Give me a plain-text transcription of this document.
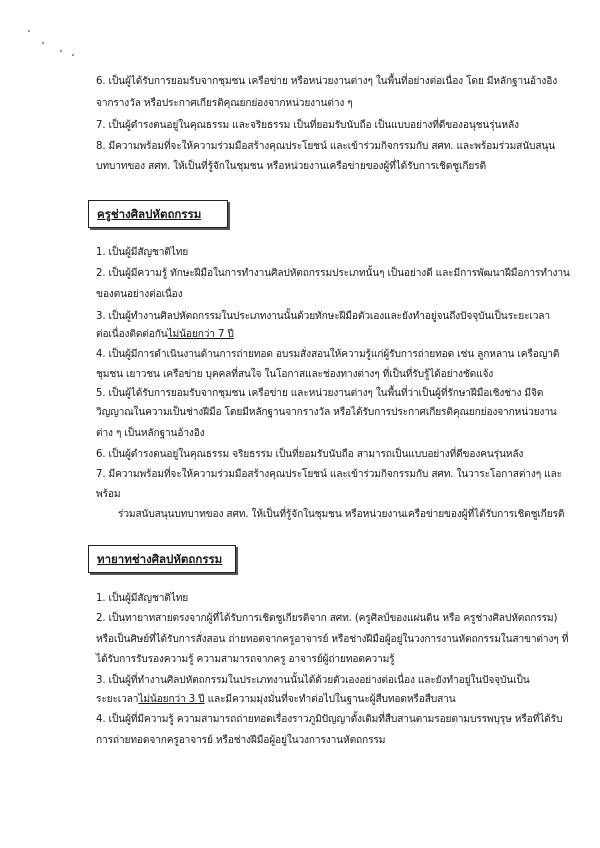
6. เป็นผู้ได้รับการยอมรับจากชุมชน เครือข่าย หรือหน่วยงานต่างๆ ในพื้นที่อย่างต่อเนื่อง โดย มีหลักฐานอ้างอิง
จากรางวัล หรือประกาศเกียรติคุณยกย่องจากหน่วยงานต่าง ๆ
7. เป็นผู้ดำรงตนอยู่ในคุณธรรม และจริยธรรม เป็นที่ยอมรับนับถือ เป็นแบบอย่างที่ดีของอนุชนรุ่นหลัง
8. มีความพร้อมที่จะให้ความร่วมมือสร้างคุณประโยชน์ และเข้าร่วมกิจกรรมกับ สศท. และพร้อมร่วมสนับสนุน
บทบาทของ สศท. ให้เป็นที่รู้จักในชุมชน หรือหน่วยงานเครือข่ายของผู้ที่ได้รับการเชิดชูเกียรติ
ครูช่างศิลปหัตถกรรม
1. เป็นผู้มีสัญชาติไทย
2. เป็นผู้มีความรู้ ทักษะฝีมือในการทำงานศิลปหัตถกรรมประเภทนั้นๆ เป็นอย่างดี และมีการพัฒนาฝีมือการทำงาน
ของตนอย่างต่อเนื่อง
3. เป็นผู้ทำงานศิลปหัตถกรรมในประเภทงานนั้นด้วยทักษะฝีมือตัวเองและยังทำอยู่จนถึงปัจจุบันเป็นระยะเวลา
ต่อเนื่องติดต่อกันไม่น้อยกว่า 7 ปี
4. เป็นผู้มีการดำเนินงานด้านการถ่ายทอด อบรมสั่งสอนให้ความรู้แก่ผู้รับการถ่ายทอด เช่น ลูกหลาน เครือญาติ
ชุมชน เยาวชน เครือข่าย บุคคลที่สนใจ ในโอกาสและช่องทางต่างๆ ที่เป็นที่รับรู้ได้อย่างชัดแจ้ง
5. เป็นผู้ได้รับการยอมรับจากชุมชน เครือข่าย และหน่วยงานต่างๆ ในพื้นที่ว่าเป็นผู้ที่รักษาฝีมือเชิงช่าง มีจิต
วิญญาณในความเป็นช่างฝีมือ โดยมีหลักฐานจากรางวัล หรือได้รับการประกาศเกียรติคุณยกย่องจากหน่วยงาน
ต่าง ๆ เป็นหลักฐานอ้างอิง
6. เป็นผู้ดำรงตนอยู่ในคุณธรรม จริยธรรม เป็นที่ยอมรับนับถือ สามารถเป็นแบบอย่างที่ดีของคนรุ่นหลัง
7. มีความพร้อมที่จะให้ความร่วมมือสร้างคุณประโยชน์ และเข้าร่วมกิจกรรมกับ สศท. ในวาระโอกาสต่างๆ และ
พร้อม
ร่วมสนับสนุนบทบาทของ สศท. ให้เป็นที่รู้จักในชุมชน หรือหน่วยงานเครือข่ายของผู้ที่ได้รับการเชิดชูเกียรติ
ทายาทช่างศิลปหัตถกรรม
1. เป็นผู้มีสัญชาติไทย
2. เป็นทายาทสายตรงจากผู้ที่ได้รับการเชิดชูเกียรติจาก สศท. (ครูศิลป์ของแผ่นดิน หรือ ครูช่างศิลปหัตถกรรม)
หรือเป็นศิษย์ที่ได้รับการสั่งสอน ถ่ายทอดจากครูอาจารย์ หรือช่างฝีมือผู้อยู่ในวงการงานหัตถกรรมในสาขาต่างๆ ที่
ได้รับการรับรองความรู้ ความสามารถจากครู อาจารย์ผู้ถ่ายทอดความรู้
3. เป็นผู้ที่ทำงานศิลปหัตถกรรมในประเภทงานนั้นได้ด้วยตัวเองอย่างต่อเนื่อง และยังทำอยู่ในปัจจุบันเป็น
ระยะเวลาไม่น้อยกว่า 3 ปี และมีความมุ่งมั่นที่จะทำต่อไปในฐานะผู้สืบทอดหรือสืบสาน
4. เป็นผู้ที่มีความรู้ ความสามารถถ่ายทอดเรื่องราวภูมิปัญญาดั้งเดิมที่สืบสานตามรอยตามบรรพบุรุษ หรือที่ได้รับ
การถ่ายทอดจากครูอาจารย์ หรือช่างฝีมือผู้อยู่ในวงการงานหัตถกรรม
